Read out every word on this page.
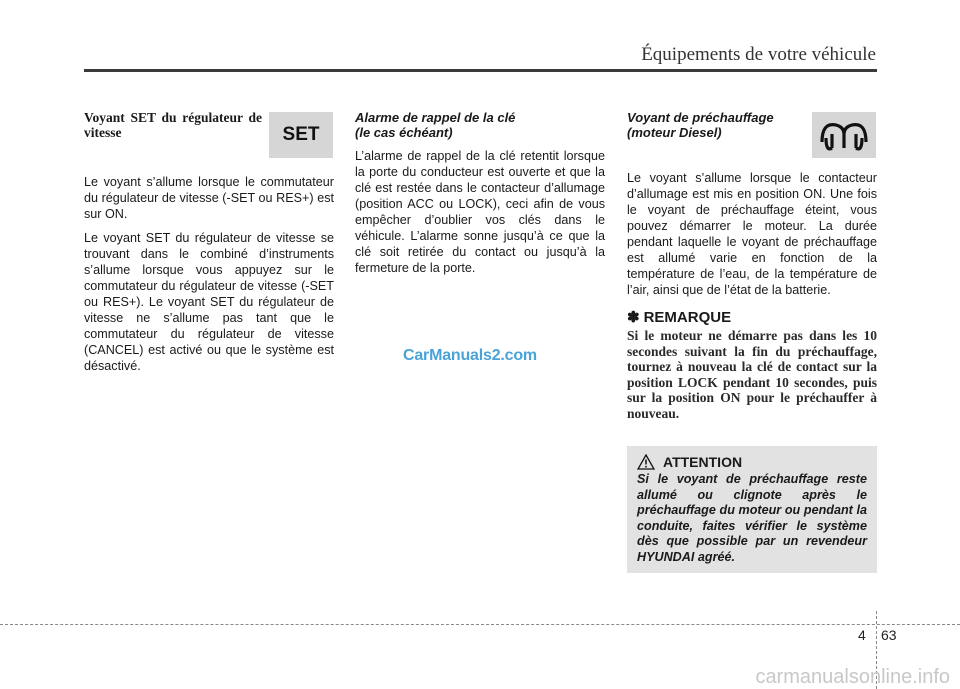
Équipements de votre véhicule
SET

Voyant SET du régulateur de vitesse

Le voyant s’allume lorsque le commutateur du régulateur de vitesse (-SET ou RES+) est sur ON.

Le voyant SET du régulateur de vitesse se trouvant dans le combiné d’instruments s’allume lorsque vous appuyez sur le commutateur du régulateur de vitesse (-SET ou RES+). Le voyant SET du régulateur de vitesse ne s’allume pas tant que le commutateur du régulateur de vitesse (CANCEL) est activé ou que le système est désactivé.

Alarme de rappel de la clé

(le cas échéant)

L’alarme de rappel de la clé retentit lorsque la porte du conducteur est ouverte et que la clé est restée dans le contacteur d’allumage (position ACC ou LOCK), ceci afin de vous empêcher d’oublier vos clés dans le véhicule. L’alarme sonne jusqu’à ce que la clé soit retirée du contact ou jusqu’à la fermeture de la porte.

Voyant de préchauffage

(moteur Diesel)

Le voyant s’allume lorsque le contacteur d’allumage est mis en position ON. Une fois le voyant de préchauffage éteint, vous pouvez démarrer le moteur. La durée pendant laquelle le voyant de préchauffage est allumé varie en fonction de la température de l’eau, de la température de l’air, ainsi que de l’état de la batterie.

✽ REMARQUE

Si le moteur ne démarre pas dans les 10 secondes suivant la fin du préchauffage, tournez à nouveau la clé de contact sur la position LOCK pendant 10 secondes, puis sur la position ON pour le préchauffer à nouveau.

ATTENTION

Si le voyant de préchauffage reste allumé ou clignote après le préchauffage du moteur ou pendant la conduite, faites vérifier le système dès que possible par un revendeur HYUNDAI agréé.

CarManuals2.com
4 63
carmanualsonline.info
